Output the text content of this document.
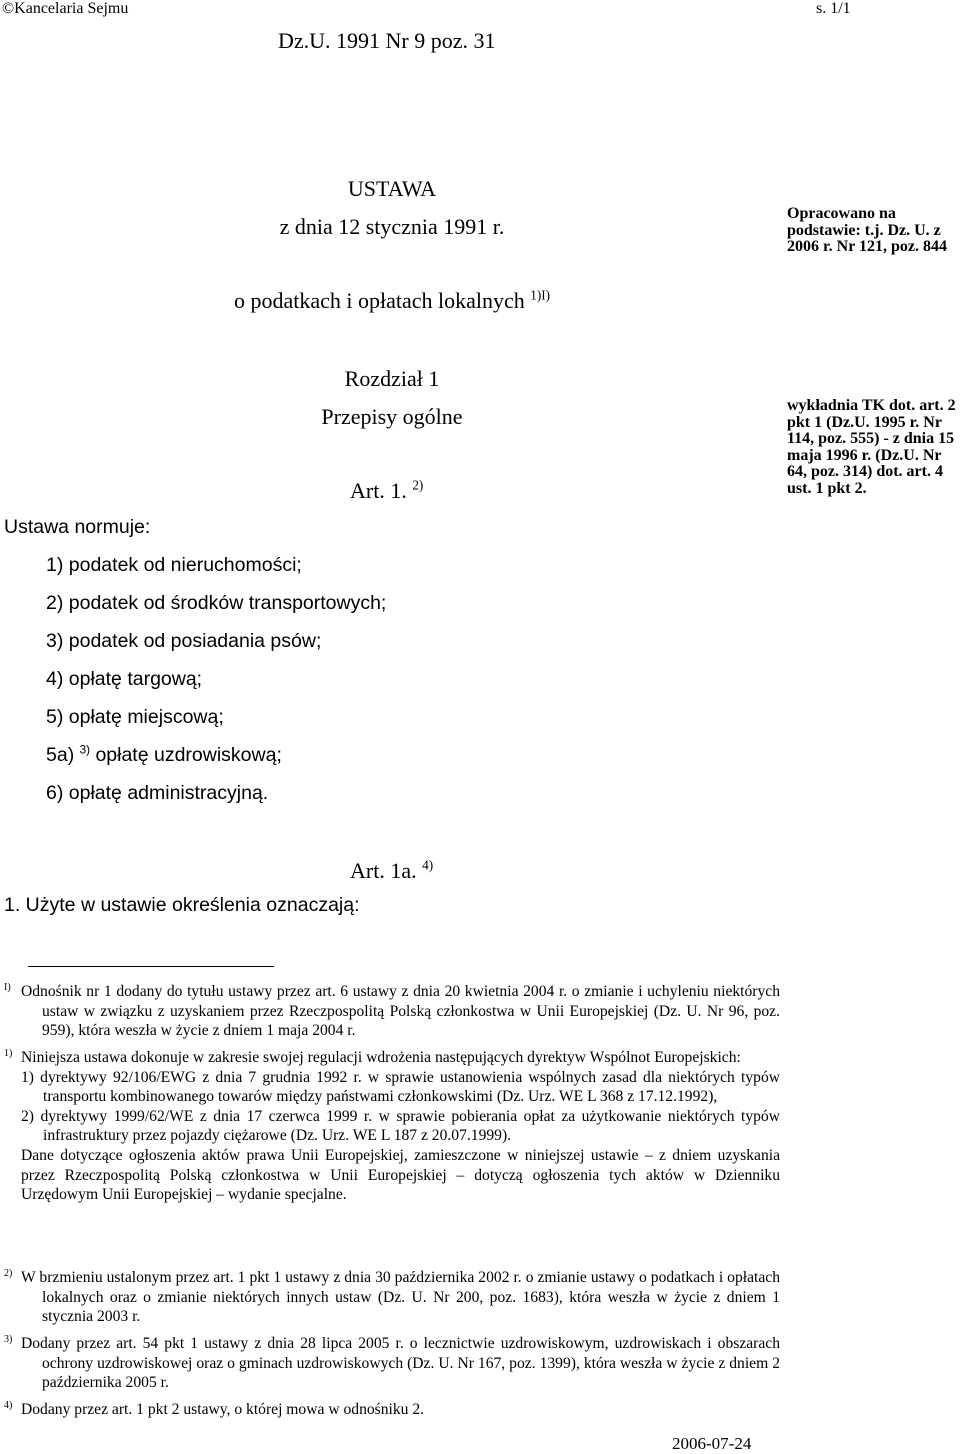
©Kancelaria Sejmu	s. 1/1
Dz.U. 1991 Nr 9 poz. 31
USTAWA
z dnia 12 stycznia 1991 r.
o podatkach i opłatach lokalnych $^{1)I)}$
Opracowano na podstawie: t.j. Dz. U. z 2006 r. Nr 121, poz. 844
wykładnia TK dot. art. 2 pkt 1 (Dz.U. 1995 r. Nr 114, poz. 555) - z dnia 15 maja 1996 r. (Dz.U. Nr 64, poz. 314) dot. art. 4 ust. 1 pkt 2.
Rozdział 1
Przepisy ogólne
Art. 1. $^{2)}$
Ustawa normuje:
1) podatek od nieruchomości;
2) podatek od środków transportowych;
3) podatek od posiadania psów;
4) opłatę targową;
5) opłatę miejscową;
5a) $^{3)}$ opłatę uzdrowiskową;
6) opłatę administracyjną.
Art. 1a. $^{4)}$
1. Użyte w ustawie określenia oznaczają:
I) Odnośnik nr 1 dodany do tytułu ustawy przez art. 6 ustawy z dnia 20 kwietnia 2004 r. o zmianie i uchyleniu niektórych ustaw w związku z uzyskaniem przez Rzeczpospolitą Polską członkostwa w Unii Europejskiej (Dz. U. Nr 96, poz. 959), która weszła w życie z dniem 1 maja 2004 r.
1) Niniejsza ustawa dokonuje w zakresie swojej regulacji wdrożenia następujących dyrektyw Wspólnot Europejskich:
1) dyrektywy 92/106/EWG z dnia 7 grudnia 1992 r. w sprawie ustanowienia wspólnych zasad dla niektórych typów transportu kombinowanego towarów między państwami członkowskimi (Dz. Urz. WE L 368 z 17.12.1992),
2) dyrektywy 1999/62/WE z dnia 17 czerwca 1999 r. w sprawie pobierania opłat za użytkowanie niektórych typów infrastruktury przez pojazdy ciężarowe (Dz. Urz. WE L 187 z 20.07.1999).
Dane dotyczące ogłoszenia aktów prawa Unii Europejskiej, zamieszczone w niniejszej ustawie – z dniem uzyskania przez Rzeczpospolitą Polską członkostwa w Unii Europejskiej – dotyczą ogłoszenia tych aktów w Dzienniku Urzędowym Unii Europejskiej – wydanie specjalne.
2) W brzmieniu ustalonym przez art. 1 pkt 1 ustawy z dnia 30 października 2002 r. o zmianie ustawy o podatkach i opłatach lokalnych oraz o zmianie niektórych innych ustaw (Dz. U. Nr 200, poz. 1683), która weszła w życie z dniem 1 stycznia 2003 r.
3) Dodany przez art. 54 pkt 1 ustawy z dnia 28 lipca 2005 r. o lecznictwie uzdrowiskowym, uzdrowiskach i obszarach ochrony uzdrowiskowej oraz o gminach uzdrowiskowych (Dz. U. Nr 167, poz. 1399), która weszła w życie z dniem 2 października 2005 r.
4) Dodany przez art. 1 pkt 2 ustawy, o której mowa w odnośniku 2.
2006-07-24
